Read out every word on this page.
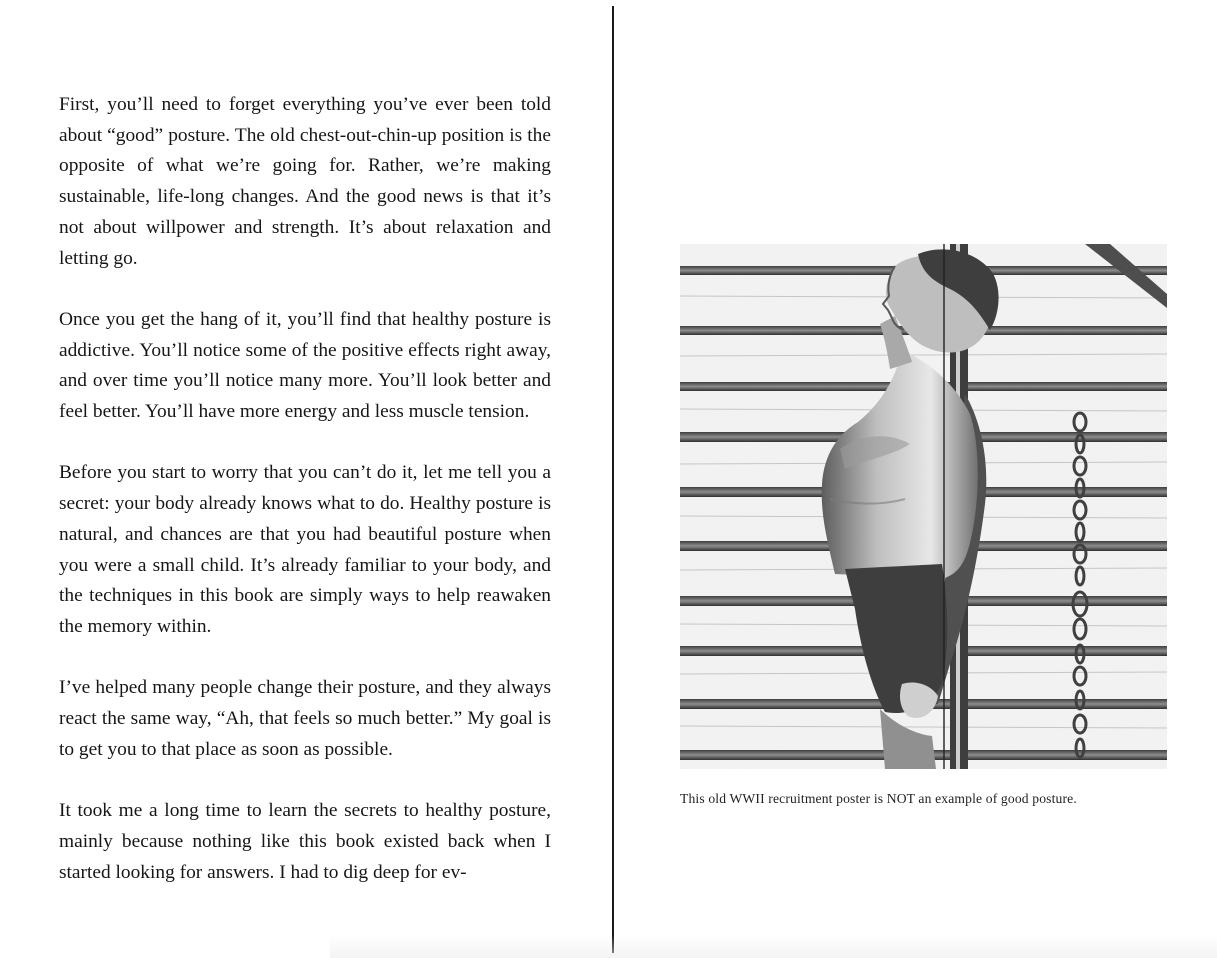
First, you’ll need to forget everything you’ve ever been told about “good” posture. The old chest-out-chin-up position is the opposite of what we’re going for. Rather, we’re making sustainable, life-long changes. And the good news is that it’s not about willpower and strength. It’s about relaxation and letting go.

Once you get the hang of it, you’ll find that healthy posture is addictive. You’ll notice some of the positive effects right away, and over time you’ll notice many more. You’ll look better and feel better. You’ll have more energy and less muscle tension.

Before you start to worry that you can’t do it, let me tell you a secret: your body already knows what to do. Healthy posture is natural, and chances are that you had beautiful posture when you were a small child. It’s already familiar to your body, and the techniques in this book are simply ways to help reawaken the memory within.

I’ve helped many people change their posture, and they always react the same way, “Ah, that feels so much better.” My goal is to get you to that place as soon as possible.

It took me a long time to learn the secrets to healthy posture, mainly because nothing like this book existed back when I started looking for answers. I had to dig deep for ev-

This old WWII recruitment poster is NOT an example of good posture.
